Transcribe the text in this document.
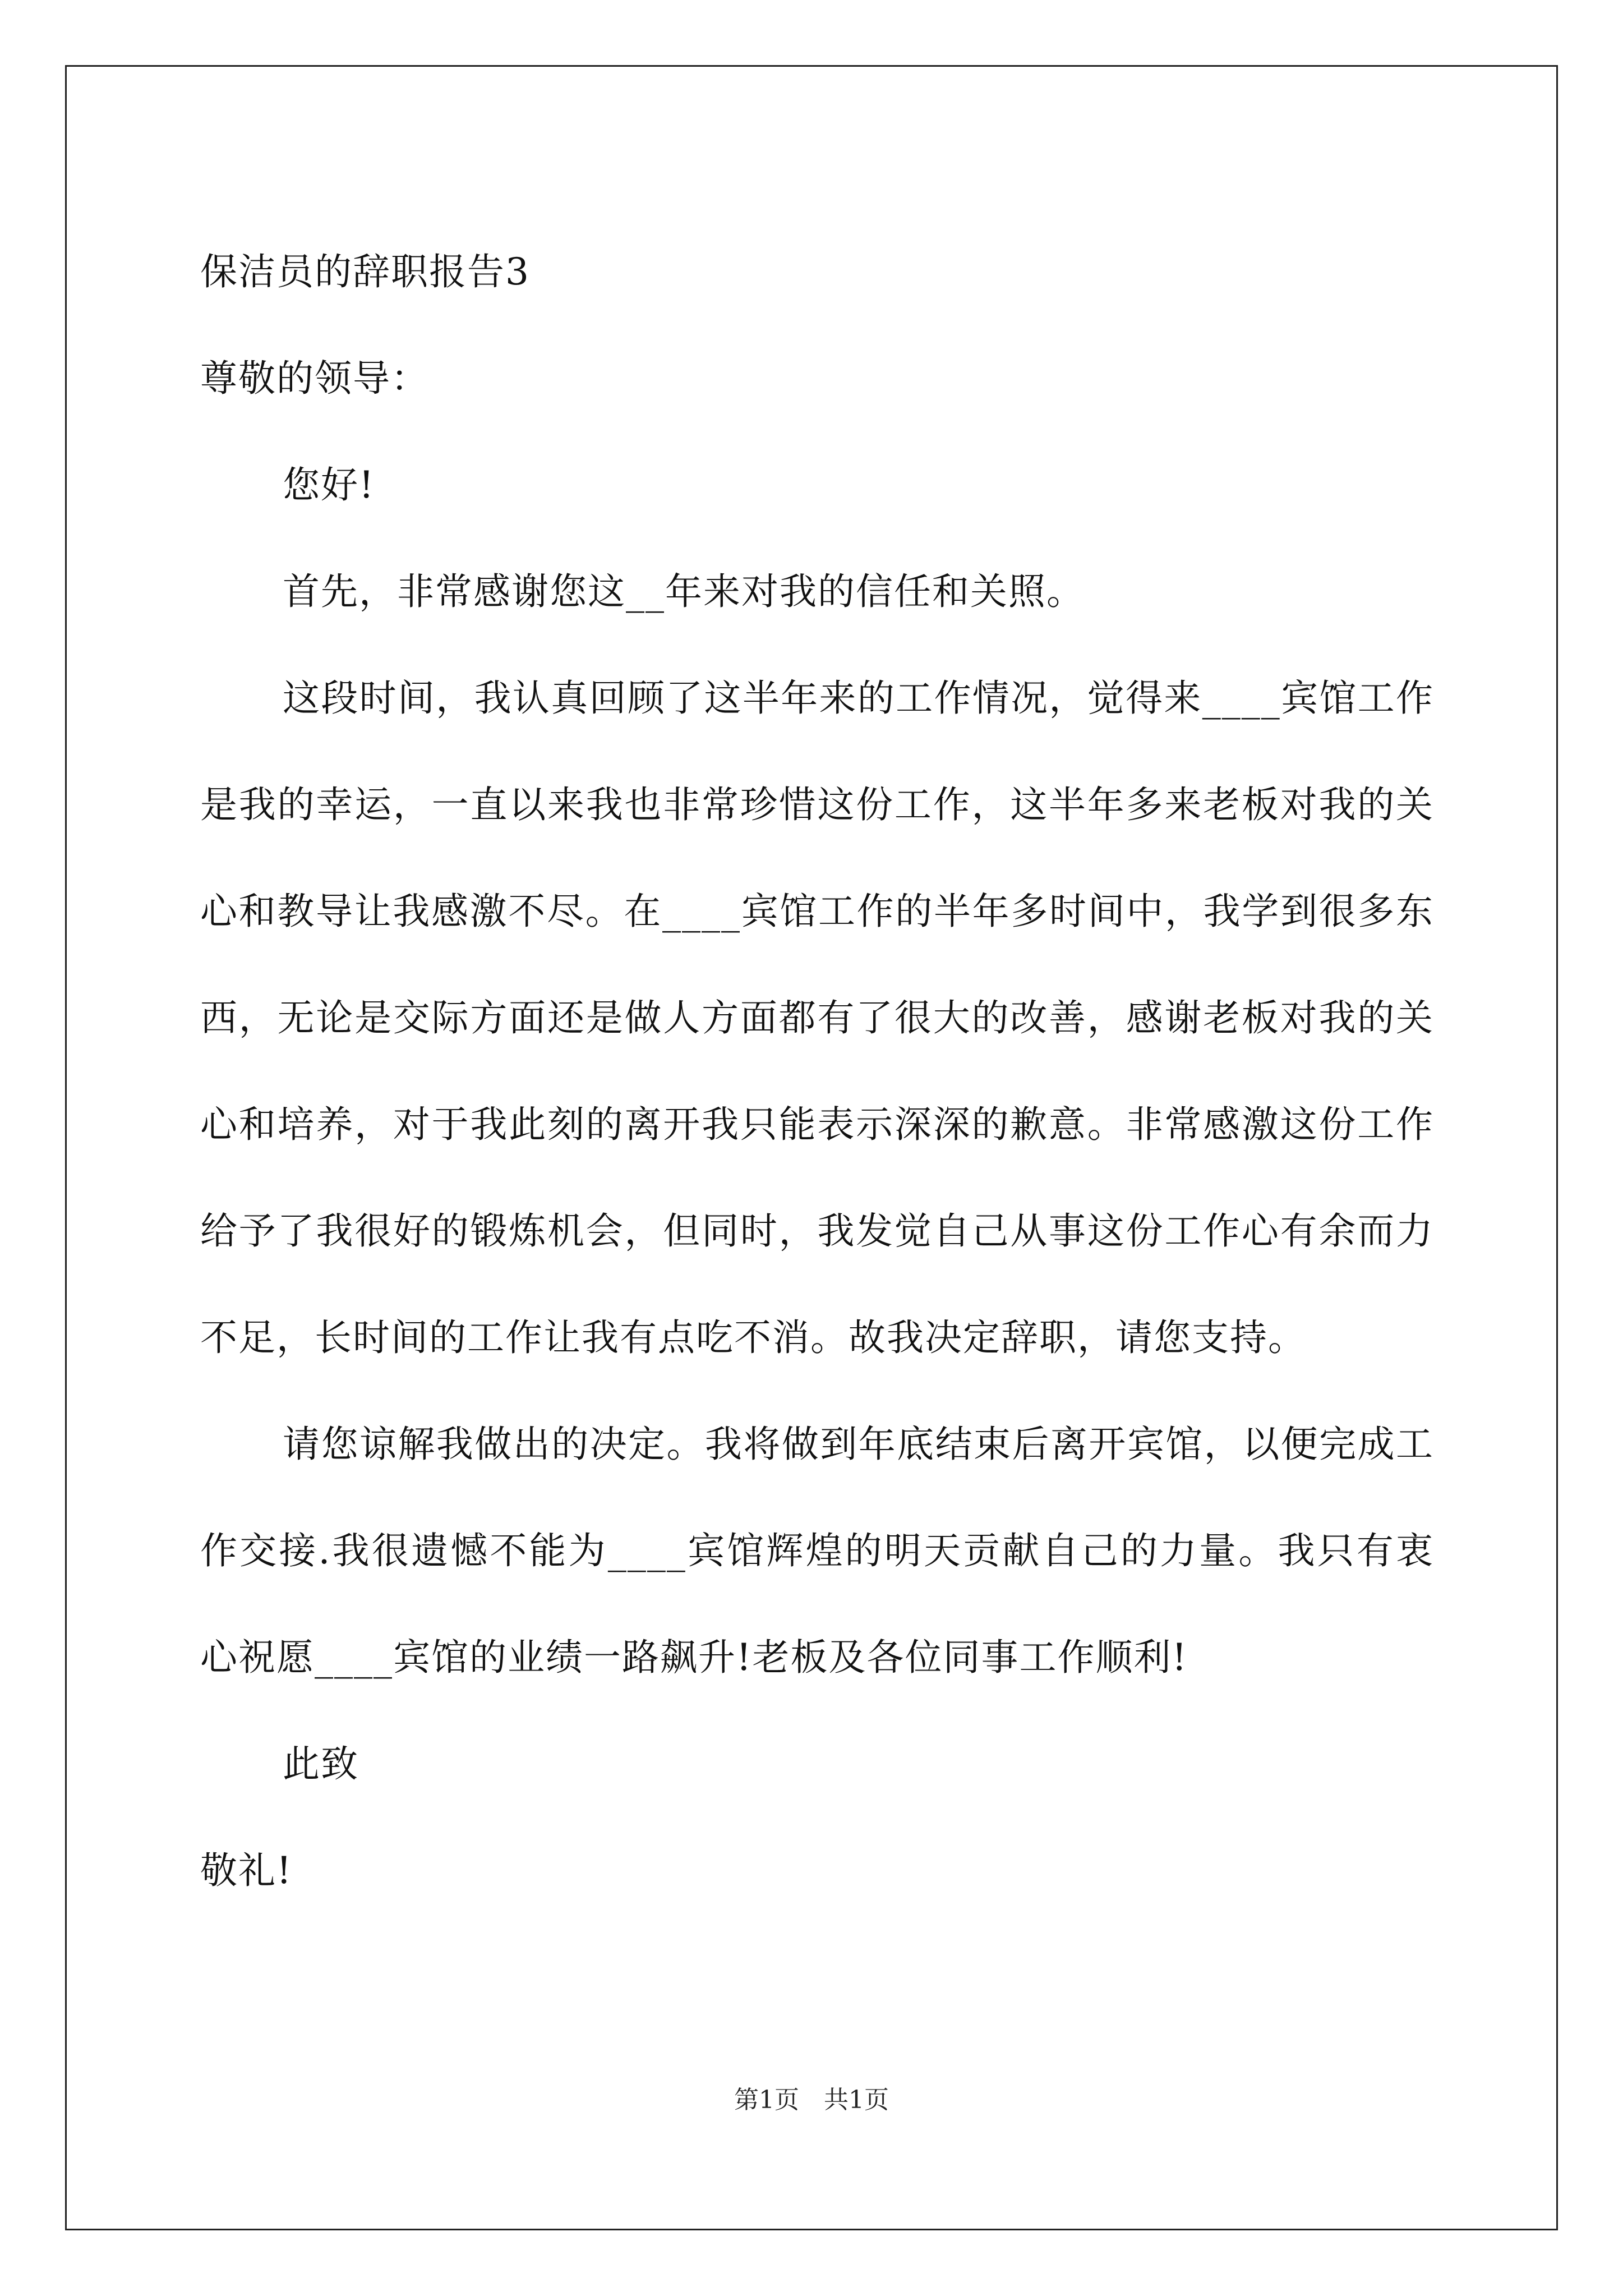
保洁员的辞职报告3

尊敬的领导：

您好!

首先，非常感谢您这__年来对我的信任和关照。

这段时间，我认真回顾了这半年来的工作情况，觉得来____宾馆工作是我的幸运，一直以来我也非常珍惜这份工作，这半年多来老板对我的关心和教导让我感激不尽。在____宾馆工作的半年多时间中，我学到很多东西，无论是交际方面还是做人方面都有了很大的改善，感谢老板对我的关心和培养，对于我此刻的离开我只能表示深深的歉意。非常感激这份工作给予了我很好的锻炼机会，但同时，我发觉自己从事这份工作心有余而力不足，长时间的工作让我有点吃不消。故我决定辞职，请您支持。

请您谅解我做出的决定。我将做到年底结束后离开宾馆，以便完成工作交接.我很遗憾不能为____宾馆辉煌的明天贡献自己的力量。我只有衷心祝愿____宾馆的业绩一路飙升!老板及各位同事工作顺利!

此致

敬礼!

第1页　共1页
